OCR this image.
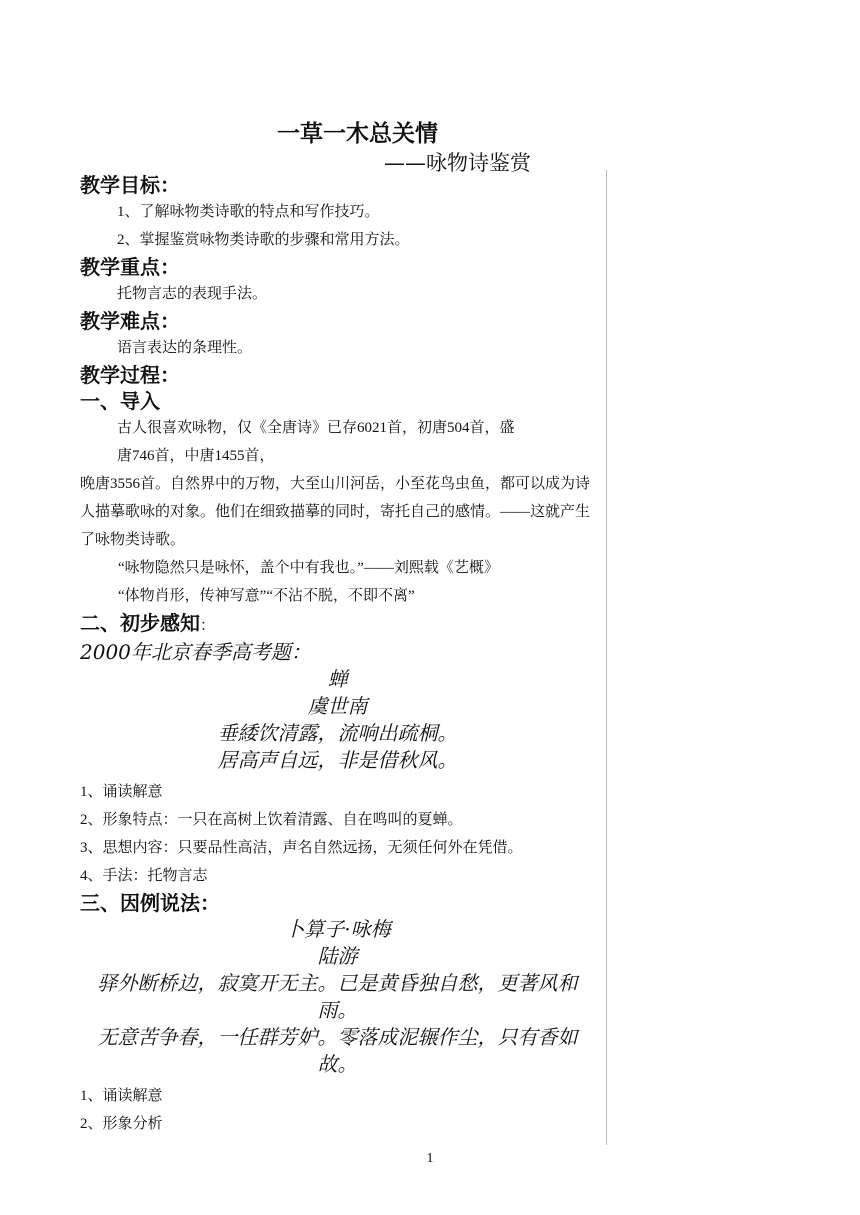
一草一木总关情
——咏物诗鉴赏
教学目标：
1、了解咏物类诗歌的特点和写作技巧。
2、掌握鉴赏咏物类诗歌的步骤和常用方法。
教学重点：
托物言志的表现手法。
教学难点：
语言表达的条理性。
教学过程：
一、导入
古人很喜欢咏物，仅《全唐诗》已存6021首，初唐504首，盛
唐746首，中唐1455首，
晚唐3556首。自然界中的万物，大至山川河岳，小至花鸟虫鱼，都可以成为诗人描摹歌咏的对象。他们在细致描摹的同时，寄托自己的感情。——这就产生了咏物类诗歌。
“咏物隐然只是咏怀，盖个中有我也。”——刘熙载《艺概》
“体物肖形，传神写意”“不沾不脱，不即不离”
二、初步感知：
2000年北京春季高考题：
蝉
虞世南
垂緌饮清露，流响出疏桐。
居高声自远，非是借秋风。
1、诵读解意
2、形象特点：一只在高树上饮着清露、自在鸣叫的夏蝉。
3、思想内容：只要品性高洁，声名自然远扬，无须任何外在凭借。
4、手法：托物言志
三、因例说法：
卜算子·咏梅
陆游
驿外断桥边，寂寞开无主。已是黄昏独自愁，更著风和雨。
无意苦争春，一任群芳妒。零落成泥辗作尘，只有香如故。
1、诵读解意
2、形象分析
1
